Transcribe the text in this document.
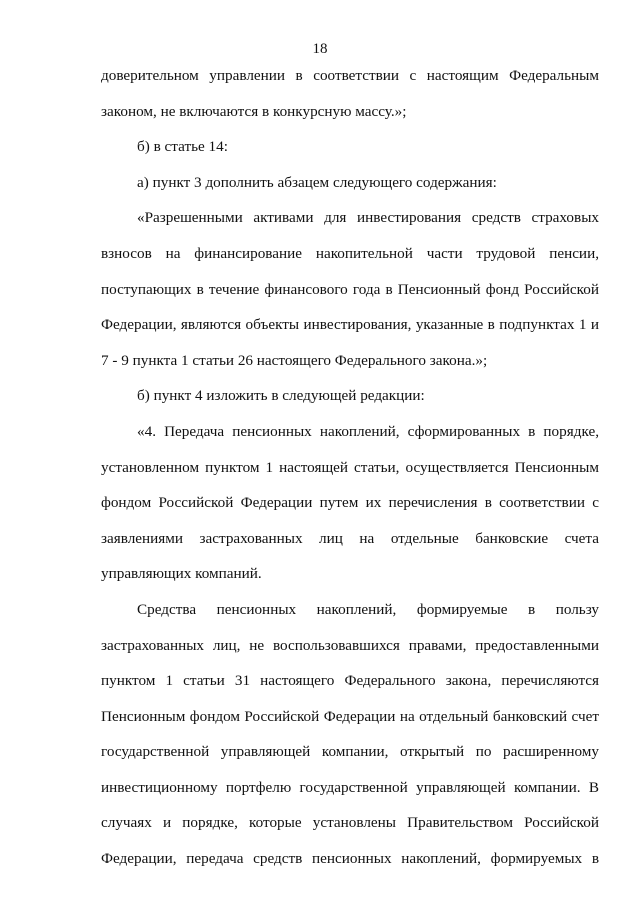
18
доверительном управлении в соответствии с настоящим Федеральным
законом, не включаются в конкурсную массу.»;
б) в статье 14:
а) пункт 3 дополнить абзацем следующего содержания:
«Разрешенными активами для инвестирования средств страховых
взносов на финансирование накопительной части трудовой пенсии,
поступающих в течение финансового года в Пенсионный фонд Российской
Федерации, являются объекты инвестирования, указанные в подпунктах 1 и
7 - 9 пункта 1 статьи 26 настоящего Федерального закона.»;
б) пункт 4 изложить в следующей редакции:
«4. Передача пенсионных накоплений, сформированных в порядке,
установленном пунктом 1 настоящей статьи, осуществляется Пенсионным
фондом Российской Федерации путем их перечисления в соответствии с
заявлениями застрахованных лиц на отдельные банковские счета
управляющих компаний.
Средства пенсионных накоплений, формируемые в пользу
застрахованных лиц, не воспользовавшихся правами, предоставленными
пунктом 1 статьи 31 настоящего Федерального закона, перечисляются
Пенсионным фондом Российской Федерации на отдельный банковский счет
государственной управляющей компании, открытый по расширенному
инвестиционному портфелю государственной управляющей компании. В
случаях и порядке, которые установлены Правительством Российской
Федерации, передача средств пенсионных накоплений, формируемых в
